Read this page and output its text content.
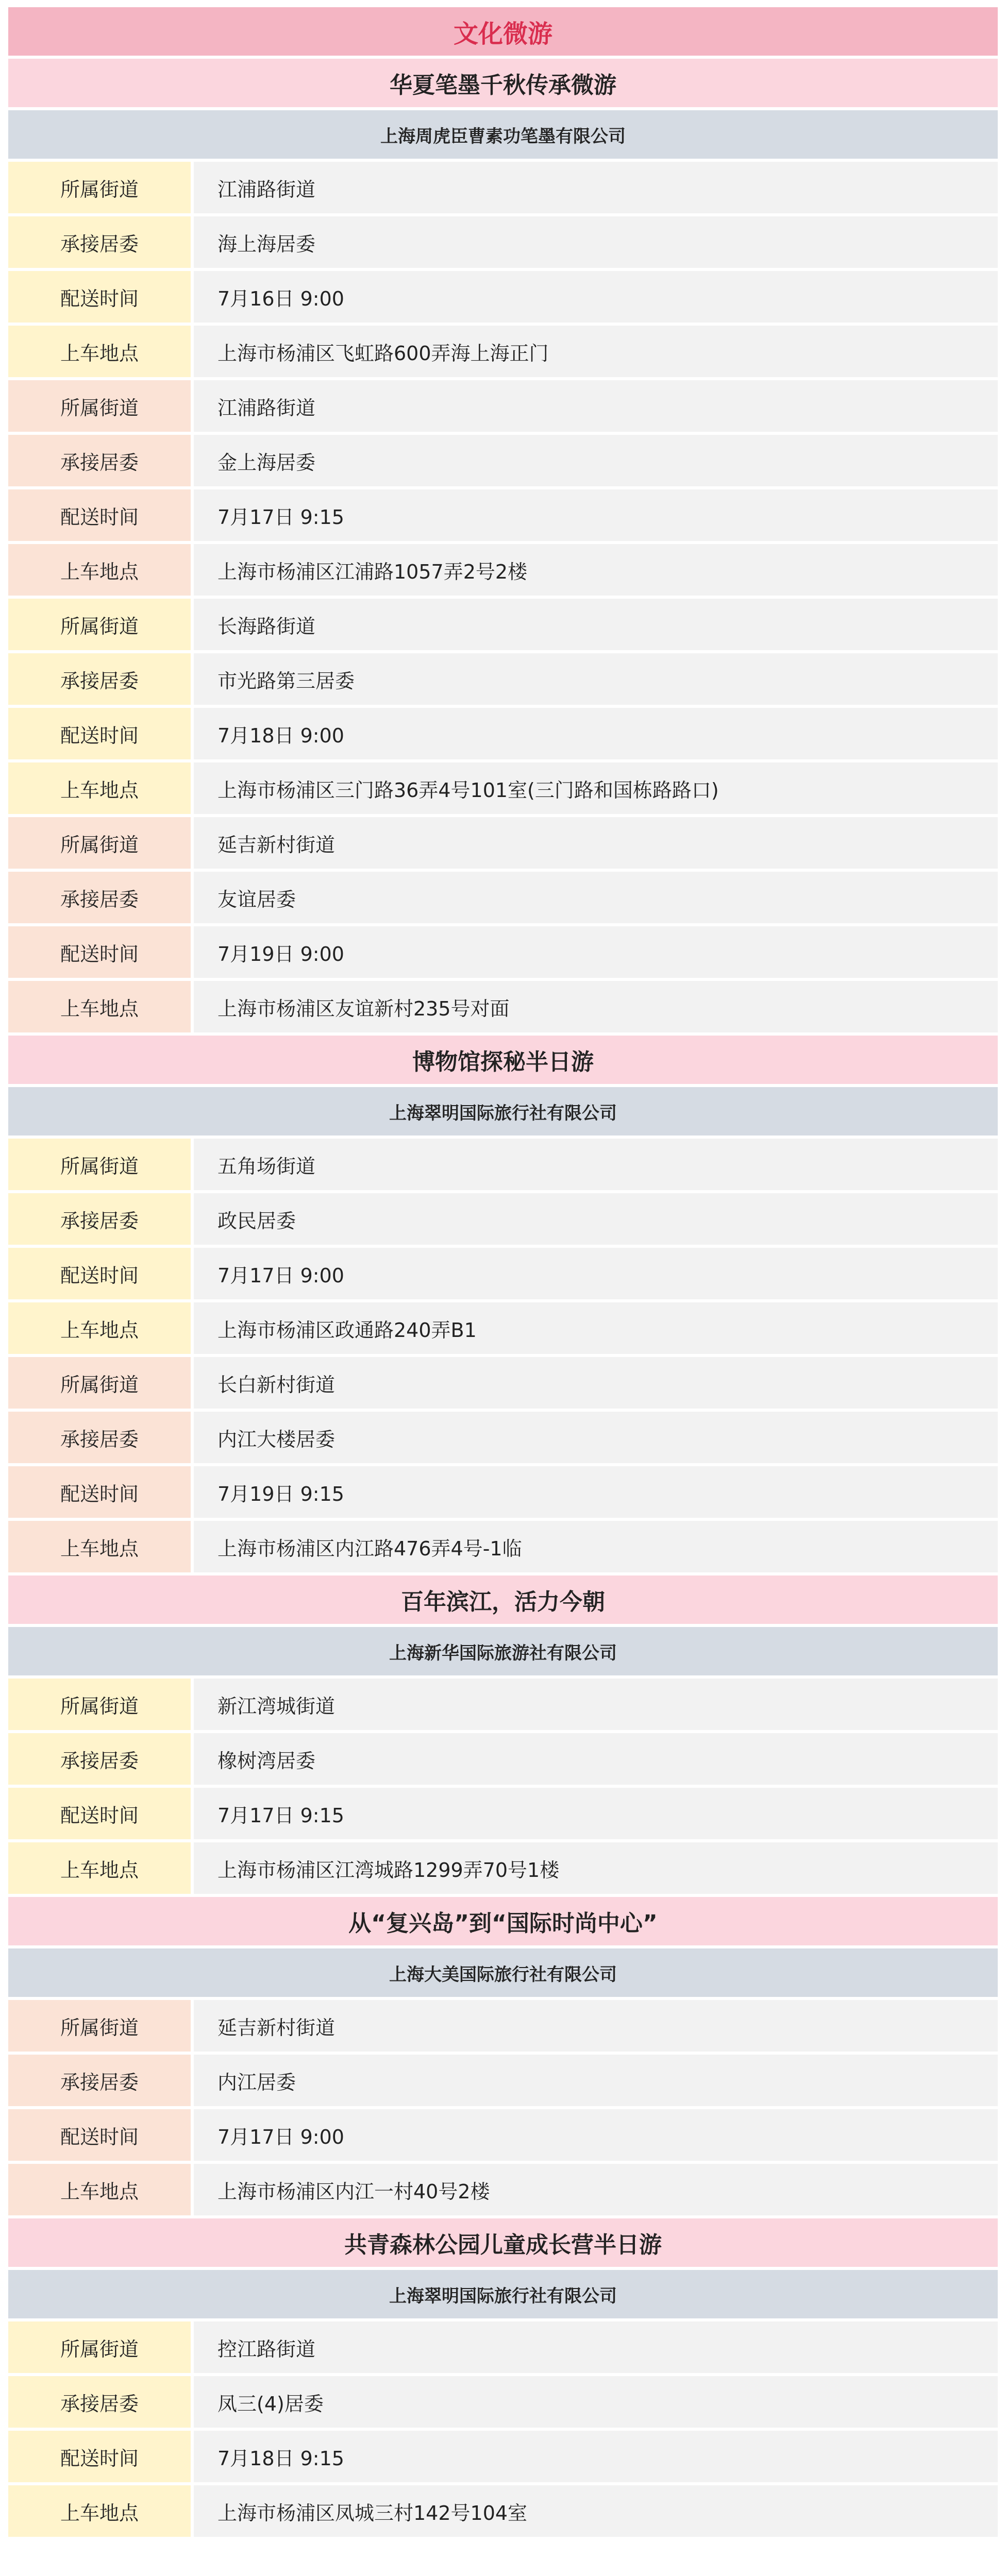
文化微游
华夏笔墨千秋传承微游
上海周虎臣曹素功笔墨有限公司
所属街道	江浦路街道
承接居委	海上海居委
配送时间	7月16日 9:00
上车地点	上海市杨浦区飞虹路600弄海上海正门
所属街道	江浦路街道
承接居委	金上海居委
配送时间	7月17日 9:15
上车地点	上海市杨浦区江浦路1057弄2号2楼
所属街道	长海路街道
承接居委	市光路第三居委
配送时间	7月18日 9:00
上车地点	上海市杨浦区三门路36弄4号101室(三门路和国栋路路口)
所属街道	延吉新村街道
承接居委	友谊居委
配送时间	7月19日 9:00
上车地点	上海市杨浦区友谊新村235号对面
博物馆探秘半日游
上海翠明国际旅行社有限公司
所属街道	五角场街道
承接居委	政民居委
配送时间	7月17日 9:00
上车地点	上海市杨浦区政通路240弄B1
所属街道	长白新村街道
承接居委	内江大楼居委
配送时间	7月19日 9:15
上车地点	上海市杨浦区内江路476弄4号-1临
百年滨江，活力今朝
上海新华国际旅游社有限公司
所属街道	新江湾城街道
承接居委	橡树湾居委
配送时间	7月17日 9:15
上车地点	上海市杨浦区江湾城路1299弄70号1楼
从“复兴岛”到“国际时尚中心”
上海大美国际旅行社有限公司
所属街道	延吉新村街道
承接居委	内江居委
配送时间	7月17日 9:00
上车地点	上海市杨浦区内江一村40号2楼
共青森林公园儿童成长营半日游
上海翠明国际旅行社有限公司
所属街道	控江路街道
承接居委	凤三(4)居委
配送时间	7月18日 9:15
上车地点	上海市杨浦区凤城三村142号104室
